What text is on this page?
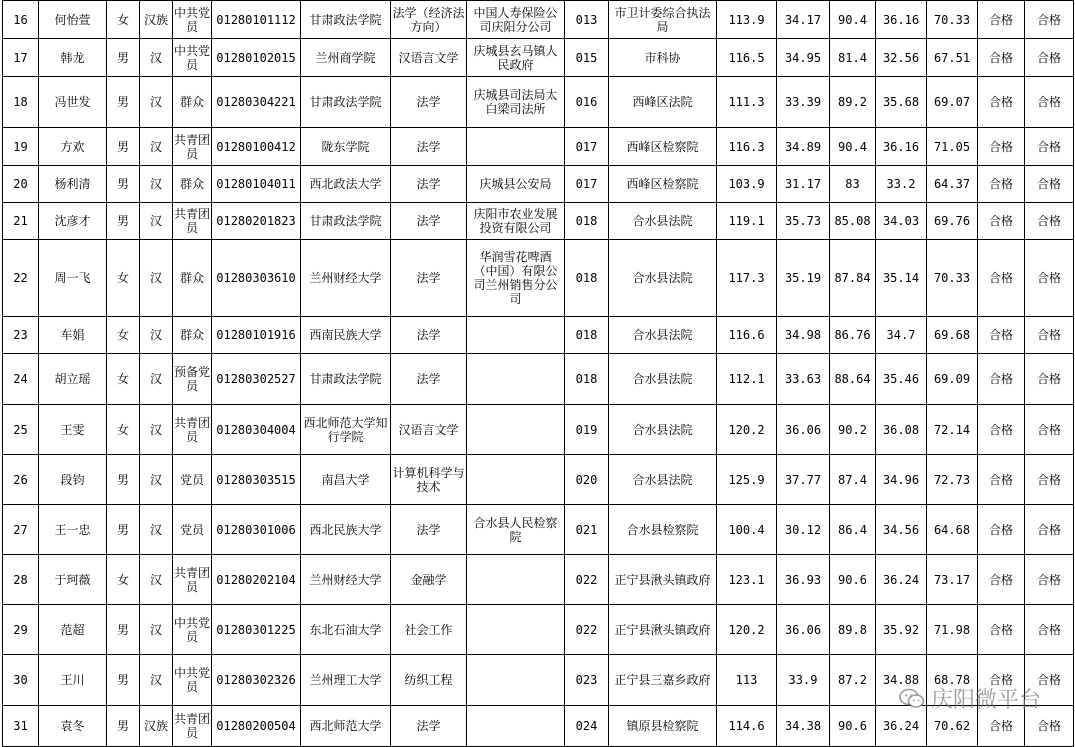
16	何怡萱	女	汉族	中共党员	01280101112	甘肃政法学院	法学（经济法方向）	中国人寿保险公司庆阳分公司	013	市卫计委综合执法局	113.9	34.17	90.4	36.16	70.33	合格	合格
17	韩龙	男	汉	中共党员	01280102015	兰州商学院	汉语言文学	庆城县玄马镇人民政府	015	市科协	116.5	34.95	81.4	32.56	67.51	合格	合格
18	冯世发	男	汉	群众	01280304221	甘肃政法学院	法学	庆城县司法局太白梁司法所	016	西峰区法院	111.3	33.39	89.2	35.68	69.07	合格	合格
19	方欢	男	汉	共青团员	01280100412	陇东学院	法学		017	西峰区检察院	116.3	34.89	90.4	36.16	71.05	合格	合格
20	杨利清	男	汉	群众	01280104011	西北政法大学	法学	庆城县公安局	017	西峰区检察院	103.9	31.17	83	33.2	64.37	合格	合格
21	沈彦才	男	汉	共青团员	01280201823	甘肃政法学院	法学	庆阳市农业发展投资有限公司	018	合水县法院	119.1	35.73	85.08	34.03	69.76	合格	合格
22	周一飞	女	汉	群众	01280303610	兰州财经大学	法学	华润雪花啤酒（中国）有限公司兰州销售分公司	018	合水县法院	117.3	35.19	87.84	35.14	70.33	合格	合格
23	车娟	女	汉	群众	01280101916	西南民族大学	法学		018	合水县法院	116.6	34.98	86.76	34.7	69.68	合格	合格
24	胡立瑶	女	汉	预备党员	01280302527	甘肃政法学院	法学		018	合水县法院	112.1	33.63	88.64	35.46	69.09	合格	合格
25	王雯	女	汉	共青团员	01280304004	西北师范大学知行学院	汉语言文学		019	合水县法院	120.2	36.06	90.2	36.08	72.14	合格	合格
26	段钧	男	汉	党员	01280303515	南昌大学	计算机科学与技术		020	合水县法院	125.9	37.77	87.4	34.96	72.73	合格	合格
27	王一忠	男	汉	党员	01280301006	西北民族大学	法学	合水县人民检察院	021	合水县检察院	100.4	30.12	86.4	34.56	64.68	合格	合格
28	于珂薇	女	汉	共青团员	01280202104	兰州财经大学	金融学		022	正宁县湫头镇政府	123.1	36.93	90.6	36.24	73.17	合格	合格
29	范超	男	汉	中共党员	01280301225	东北石油大学	社会工作		022	正宁县湫头镇政府	120.2	36.06	89.8	35.92	71.98	合格	合格
30	王川	男	汉	中共党员	01280302326	兰州理工大学	纺织工程		023	正宁县三嘉乡政府	113	33.9	87.2	34.88	68.78	合格	合格
31	袁冬	男	汉族	共青团员	01280200504	西北师范大学	法学		024	镇原县检察院	114.6	34.38	90.6	36.24	70.62	合格	合格
庆阳微平台
